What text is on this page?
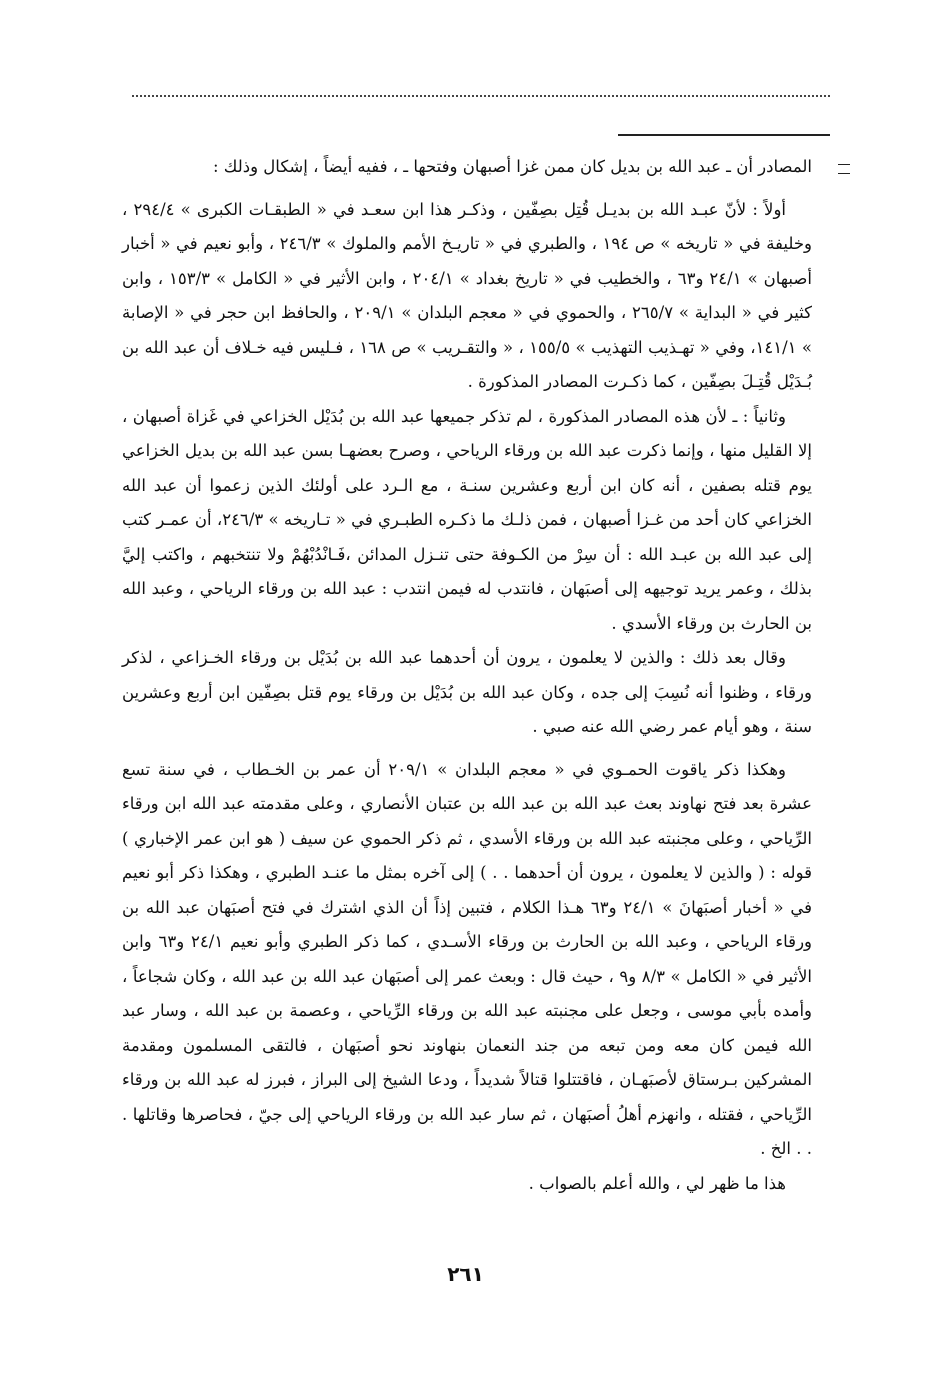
المصادر أن ـ عبد الله بن بديل كان ممن غزا أصبهان وفتحها ـ ، ففيه أيضاً ، إشكال وذلك :

أولاً : لأنّ عبـد الله بن بديـل قُتِل بصِفّين ، وذكـر هذا ابن سعـد في « الطبقـات الكبرى » ٢٩٤/٤ ، وخليفة في « تاريخه » ص ١٩٤ ، والطبري في « تاريـخ الأمم والملوك » ٢٤٦/٣ ، وأبو نعيم في « أخبار أصبهان » ٢٤/١ و٦٣ ، والخطيب في « تاريخ بغداد » ٢٠٤/١ ، وابن الأثير في « الكامل » ١٥٣/٣ ، وابن كثير في « البداية » ٢٦٥/٧ ، والحموي في « معجم البلدان » ٢٠٩/١ ، والحافظ ابن حجر في « الإصابة » ١٤١/١، وفي « تهـذيب التهذيب » ١٥٥/٥ ، « والتقـريب » ص ١٦٨ ، فـليس فيه خـلاف أن عبد الله بن بُـدَيْل قُتِـلَ بصِفّين ، كما ذكـرت المصادر المذكورة .

وثانياً : ـ لأن هذه المصادر المذكورة ، لم تذكر جميعها عبد الله بن بُدَيْل الخزاعي في غَزاة أصبهان ، إلا القليل منها ، وإنما ذكرت عبد الله بن ورقاء الرياحي ، وصرح بعضهـا بسن عبد الله بن بديل الخزاعي يوم قتله بصفين ، أنه كان ابن أربع وعشرين سنـة ، مع الـرد على أولئك الذين زعموا أن عبد الله الخزاعي كان أحد من غـزا أصبهان ، فمن ذلـك ما ذكـره الطبـري في « تـاريخه » ٢٤٦/٣، أن عمـر كتب إلى عبد الله بن عبـد الله : أن سِرْ من الكـوفة حتى تنـزل المدائن ،فَـانْدُبْهُمْ ولا تنتخبهم ، واكتب إليَّ بذلك ، وعمر يريد توجيهه إلى أصبَهان ، فانتدب له فيمن انتدب : عبد الله بن ورقاء الرياحي ، وعبد الله بن الحارث بن ورقاء الأسدي .

وقال بعد ذلك : والذين لا يعلمون ، يرون أن أحدهما عبد الله بن بُدَيْل بن ورقاء الخـزاعي ، لذكر ورقاء ، وظنوا أنه نُسِبَ إلى جده ، وكان عبد الله بن بُدَيْل بن ورقاء يوم قتل بصِفّين ابن أربع وعشرين سنة ، وهو أيام عمر رضي الله عنه صبي .

وهكذا ذكر ياقوت الحمـوي في « معجم البلدان » ٢٠٩/١ أن عمر بن الخـطاب ، في سنة تسع عشرة بعد فتح نهاوند بعث عبد الله بن عبد الله بن عتبان الأنصاري ، وعلى مقدمته عبد الله ابن ورقاء الرِّياحي ، وعلى مجنبته عبد الله بن ورقاء الأسدي ، ثم ذكر الحموي عن سيف ( هو ابن عمر الإخباري ) قوله : ( والذين لا يعلمون ، يرون أن أحدهما . . ) إلى آخره بمثل ما عنـد الطبري ، وهكذا ذكر أبو نعيم في « أخبار أصبَهانَ » ٢٤/١ و٦٣ هـذا الكلام ، فتبين إذاً أن الذي اشترك في فتح أصبَهان عبد الله بن ورقاء الرياحي ، وعبد الله بن الحارث بن ورقاء الأسـدي ، كما ذكر الطبري وأبو نعيم ٢٤/١ و٦٣ وابن الأثير في « الكامل » ٨/٣ و٩ ، حيث قال : وبعث عمر إلى أصبَهان عبد الله بن عبد الله ، وكان شجاعاً ، وأمده بأبي موسى ، وجعل على مجنبته عبد الله بن ورقاء الرِّياحي ، وعصمة بن عبد الله ، وسار عبد الله فيمن كان معه ومن تبعه من جند النعمان بنهاوند نحو أصبَهان ، فالتقى المسلمون ومقدمة المشركين بـرستاق لأصبَهـان ، فاقتتلوا قتالاً شديداً ، ودعا الشيخ إلى البراز ، فبرز له عبد الله بن ورقاء الرِّياحي ، فقتله ، وانهزم أهلُ أصبَهان ، ثم سار عبد الله بن ورقاء الرياحي إلى جيّ ، فحاصرها وقاتلها . . . الخ .

هذا ما ظهر لي ، والله أعلم بالصواب .

٢٦١
